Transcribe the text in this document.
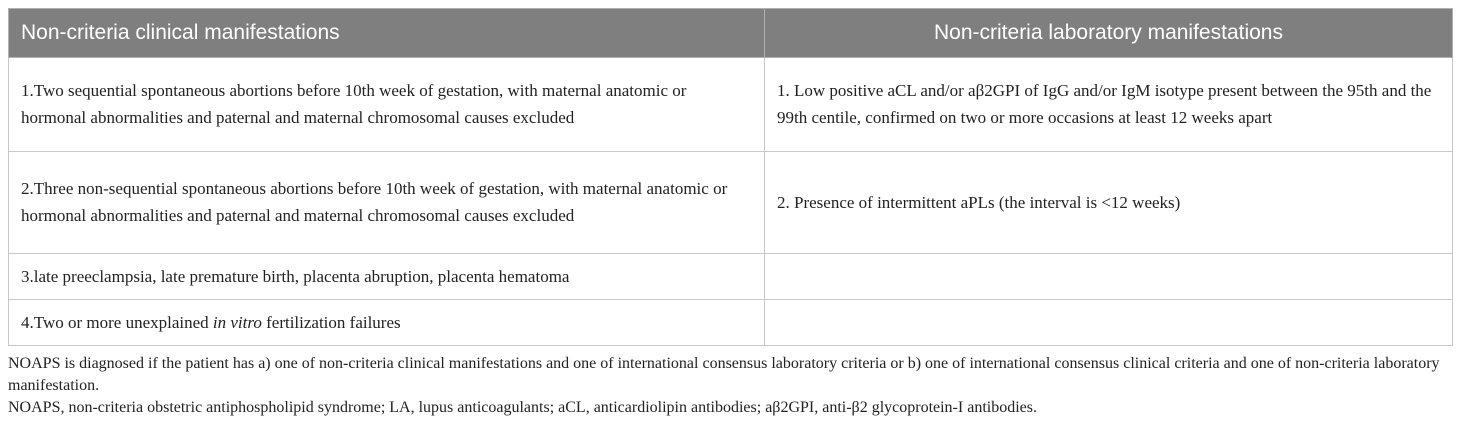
Non-criteria clinical manifestations	Non-criteria laboratory manifestations
1.Two sequential spontaneous abortions before 10th week of gestation, with maternal anatomic or hormonal abnormalities and paternal and maternal chromosomal causes excluded	1. Low positive aCL and/or aβ2GPI of IgG and/or IgM isotype present between the 95th and the 99th centile, confirmed on two or more occasions at least 12 weeks apart
2.Three non-sequential spontaneous abortions before 10th week of gestation, with maternal anatomic or hormonal abnormalities and paternal and maternal chromosomal causes excluded	2. Presence of intermittent aPLs (the interval is <12 weeks)
3.late preeclampsia, late premature birth, placenta abruption, placenta hematoma	
4.Two or more unexplained in vitro fertilization failures	

NOAPS is diagnosed if the patient has a) one of non-criteria clinical manifestations and one of international consensus laboratory criteria or b) one of international consensus clinical criteria and one of non-criteria laboratory manifestation.

NOAPS, non-criteria obstetric antiphospholipid syndrome; LA, lupus anticoagulants; aCL, anticardiolipin antibodies; aβ2GPI, anti-β2 glycoprotein-I antibodies.
